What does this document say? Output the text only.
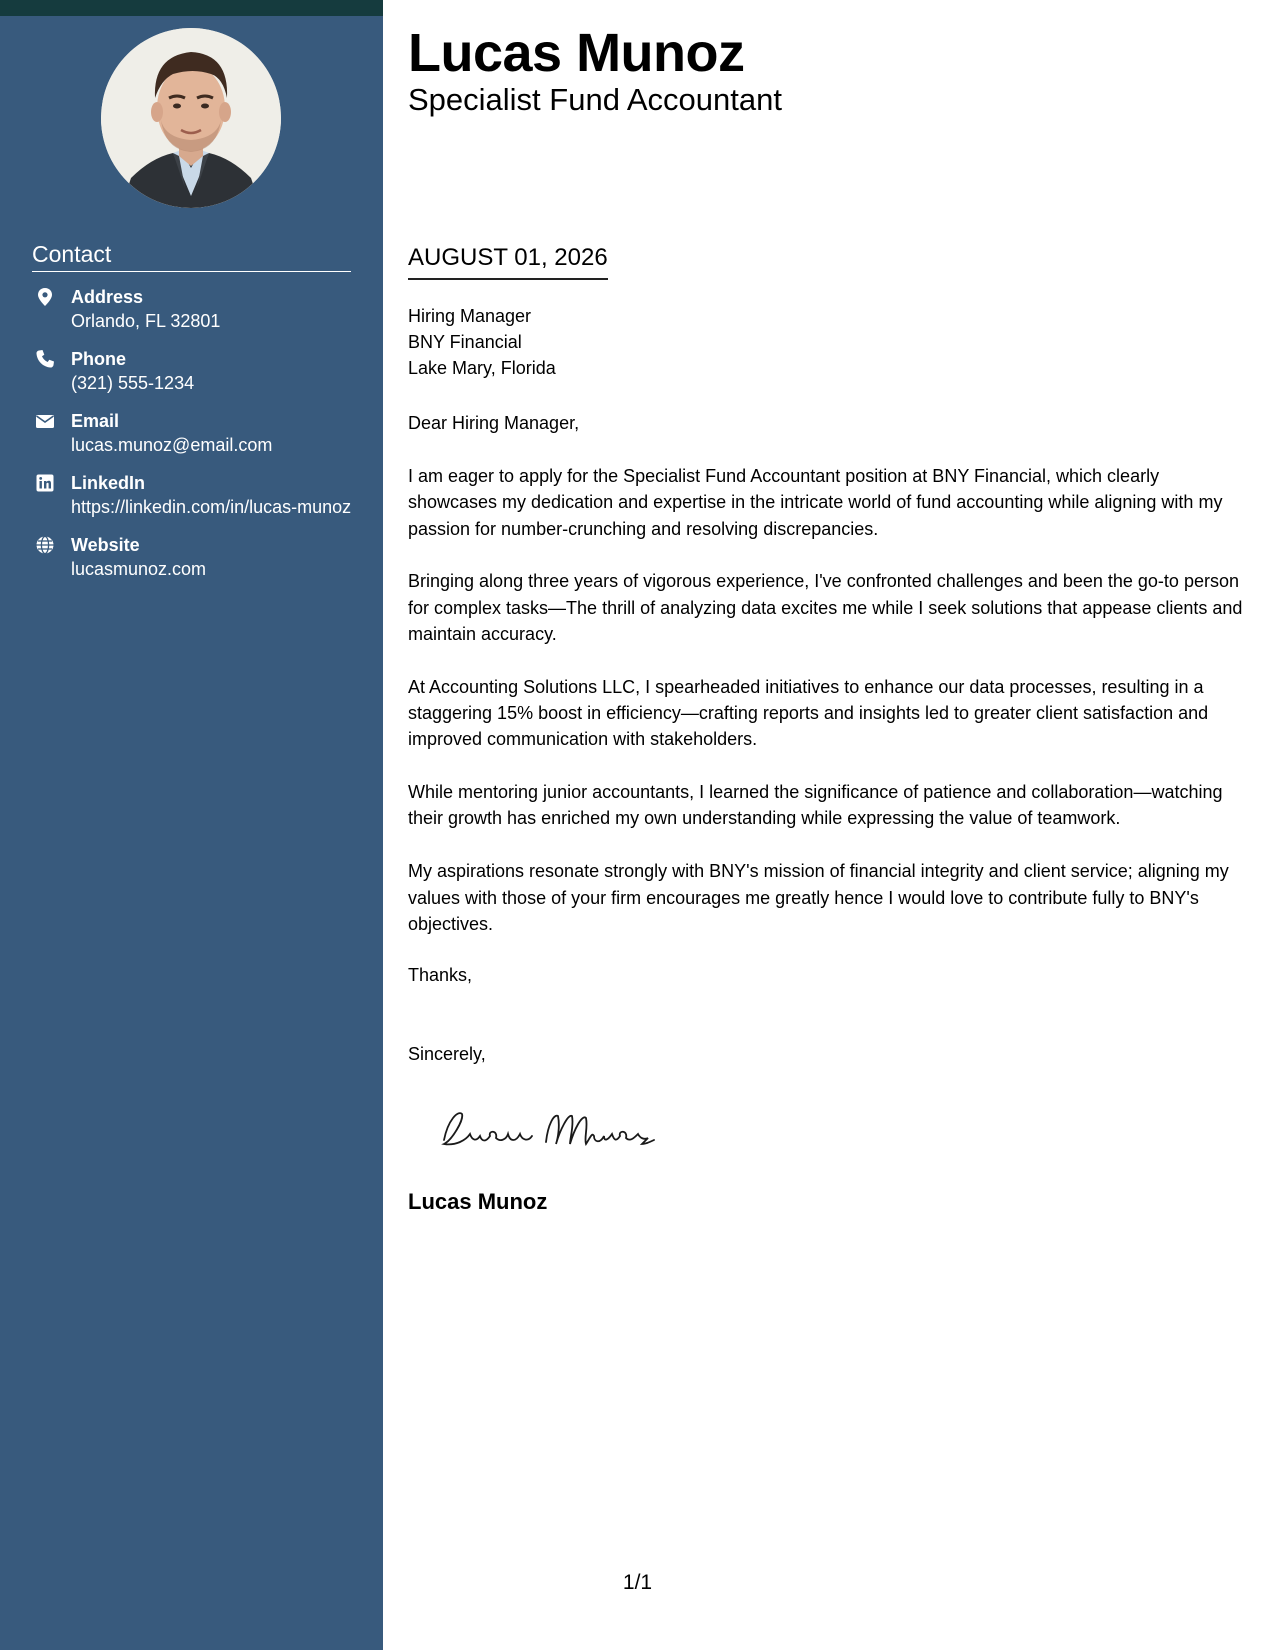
Contact
Address
Orlando, FL 32801
Phone
(321) 555-1234
Email
lucas.munoz@email.com
LinkedIn
https://linkedin.com/in/lucas-munoz
Website
lucasmunoz.com
Lucas Munoz
Specialist Fund Accountant
AUGUST 01, 2026
Hiring Manager
BNY Financial
Lake Mary, Florida
Dear Hiring Manager,

I am eager to apply for the Specialist Fund Accountant position at BNY Financial, which clearly showcases my dedication and expertise in the intricate world of fund accounting while aligning with my passion for number-crunching and resolving discrepancies.

Bringing along three years of vigorous experience, I've confronted challenges and been the go-to person for complex tasks—The thrill of analyzing data excites me while I seek solutions that appease clients and maintain accuracy.

At Accounting Solutions LLC, I spearheaded initiatives to enhance our data processes, resulting in a staggering 15% boost in efficiency—crafting reports and insights led to greater client satisfaction and improved communication with stakeholders.

While mentoring junior accountants, I learned the significance of patience and collaboration—watching their growth has enriched my own understanding while expressing the value of teamwork.

My aspirations resonate strongly with BNY's mission of financial integrity and client service; aligning my values with those of your firm encourages me greatly hence I would love to contribute fully to BNY's objectives.

Thanks,
Sincerely,
Lucas Munoz
1/1
